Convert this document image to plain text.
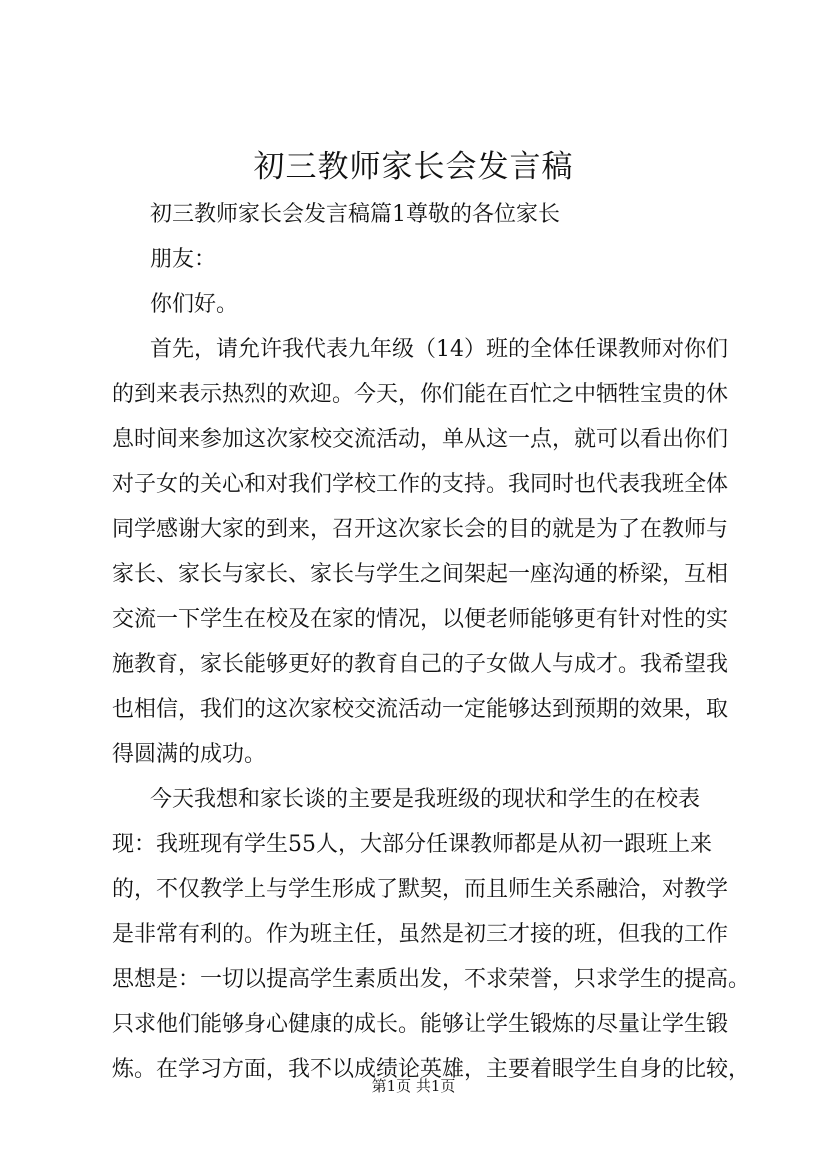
初三教师家长会发言稿
初三教师家长会发言稿篇1尊敬的各位家长
朋友：
你们好。
首先，请允许我代表九年级（14）班的全体任课教师对你们
的到来表示热烈的欢迎。今天，你们能在百忙之中牺牲宝贵的休
息时间来参加这次家校交流活动，单从这一点，就可以看出你们
对子女的关心和对我们学校工作的支持。我同时也代表我班全体
同学感谢大家的到来，召开这次家长会的目的就是为了在教师与
家长、家长与家长、家长与学生之间架起一座沟通的桥梁，互相
交流一下学生在校及在家的情况，以便老师能够更有针对性的实
施教育，家长能够更好的教育自己的子女做人与成才。我希望我
也相信，我们的这次家校交流活动一定能够达到预期的效果，取
得圆满的成功。
今天我想和家长谈的主要是我班级的现状和学生的在校表
现：我班现有学生55人，大部分任课教师都是从初一跟班上来
的，不仅教学上与学生形成了默契，而且师生关系融洽，对教学
是非常有利的。作为班主任，虽然是初三才接的班，但我的工作
思想是：一切以提高学生素质出发，不求荣誉，只求学生的提高。
只求他们能够身心健康的成长。能够让学生锻炼的尽量让学生锻
炼。在学习方面，我不以成绩论英雄，主要着眼学生自身的比较，
第1页 共1页
